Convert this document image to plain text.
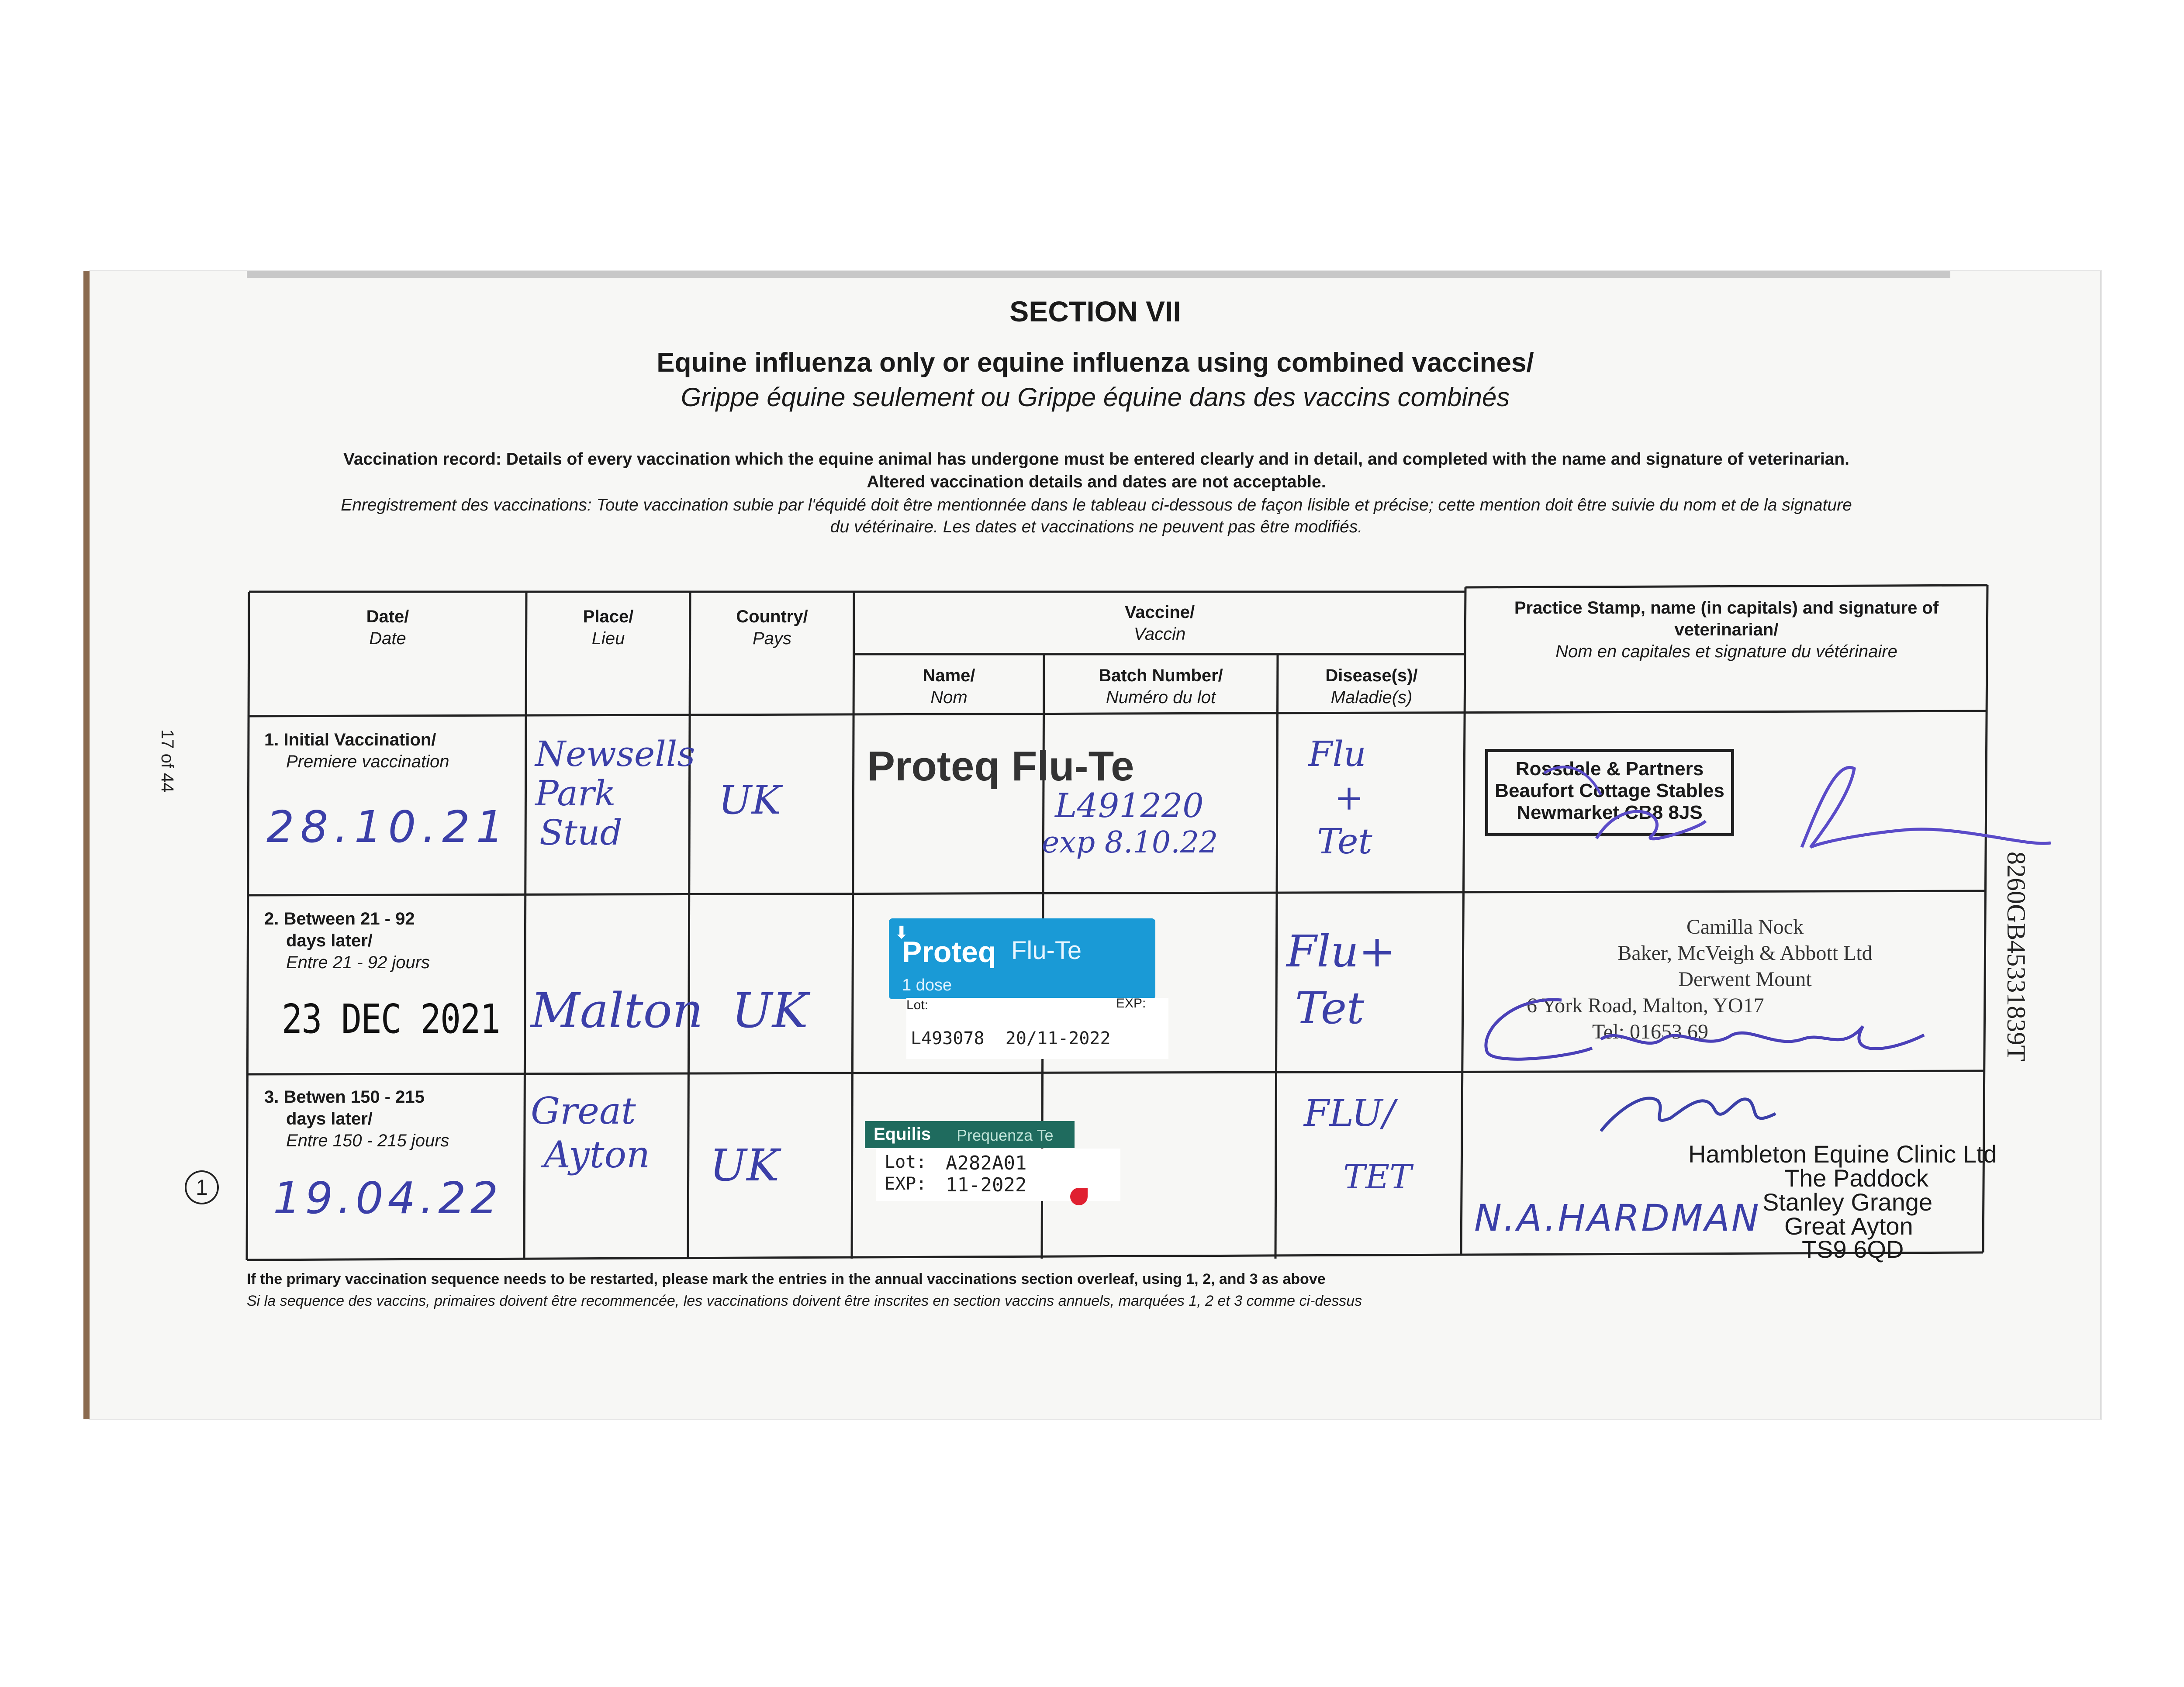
SECTION VII
Equine influenza only or equine influenza using combined vaccines/
Grippe équine seulement ou Grippe équine dans des vaccins combinés
Vaccination record: Details of every vaccination which the equine animal has undergone must be entered clearly and in detail, and completed with the name and signature of veterinarian.
Altered vaccination details and dates are not acceptable.
Enregistrement des vaccinations: Toute vaccination subie par l'équidé doit être mentionnée dans le tableau ci-dessous de façon lisible et précise; cette mention doit être suivie du nom et de la signature
du vétérinaire. Les dates et vaccinations ne peuvent pas être modifiés.
17 of 44
8260GB4533183​9T
1
Date/
Date
Place/
Lieu
Country/
Pays
Vaccine/
Vaccin
Name/
Nom
Batch Number/
Numéro du lot
Disease(s)/
Maladie(s)
Practice Stamp, name (in capitals) and signature of
veterinarian/
Nom en capitales et signature du vétérinaire
1. Initial Vaccination/
Premiere vaccination
28.10.21
Newsells
Park
Stud
UK
Proteq Flu-Te
L491220
exp 8.10.22
Flu
+
Tet
Rossdale & Partners
Beaufort Cottage Stables
Newmarket CB8 8JS
2. Between 21 - 92
days later/
Entre 21 - 92 jours
23 DEC 2021 Malton UK
⬇
Proteq Flu-Te
1 dose
Lot:	EXP:
L493078  20/11-2022
Flu+
Tet
Camilla Nock
Baker, McVeigh & Abbott Ltd
Derwent Mount
6 York Road, Malton, YO17
Tel: 01653 69
3. Betwen 150 - 215
days later/
Entre 150 - 215 jours
19.04.22
Great
Ayton UK
Equilis Prequenza Te
Lot: A282A01
EXP: 11-2022
FLU/
TET
N.A.HARDMAN
Hambleton Equine Clinic Ltd
The Paddock
Stanley Grange
Great Ayton
TS9 6QD
If the primary vaccination sequence needs to be restarted, please mark the entries in the annual vaccinations section overleaf, using 1, 2, and 3 as above
Si la sequence des vaccins, primaires doivent être recommencée, les vaccinations doivent être inscrites en section vaccins annuels, marquées 1, 2 et 3 comme ci-dessus
